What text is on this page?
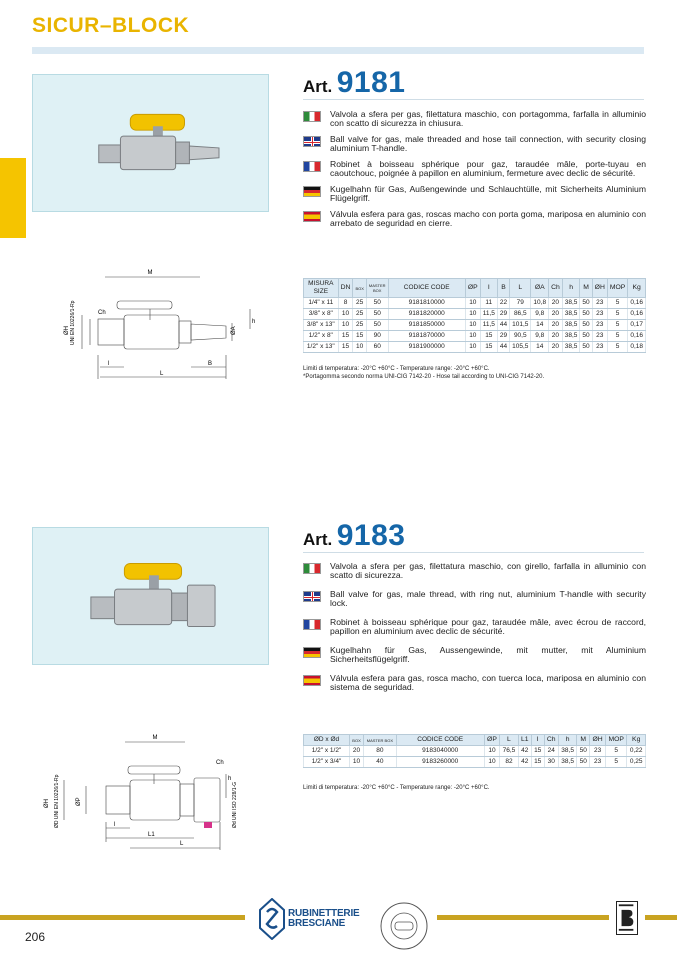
SICUR–BLOCK
Art. 9181
Valvola a sfera per gas, filettatura maschio, con portagomma, farfalla in alluminio con scatto di sicurezza in chiusura.
Ball valve for gas, male threaded and hose tail connection, with security closing aluminium T-handle.
Robinet à boisseau sphérique pour gaz, taraudée mâle, porte-tuyau en caoutchouc, poignée à papillon en aluminium, fermeture avec declic de sécurité.
Kugelhahn für Gas, Außengewinde und Schlauchtülle, mit Sicherheits Aluminium Flügelgriff.
Válvula esfera para gas, roscas macho con porta goma, mariposa en aluminio con arrebato de seguridad en cierre.
M
Ch
h
ØH UNI EN 10226/1-Rp	ØA
l	B
L
MISURA SIZE	DN	BOX	MASTER BOX	CODICE CODE	ØP	I	B	L	ØA	Ch	h	M	ØH	MOP	Kg
1/4" x 11	8	25	50	9181810000	10	11	22	79	10,8	20	38,5	50	23	5	0,16
3/8" x 8"	10	25	50	9181820000	10	11,5	29	86,5	9,8	20	38,5	50	23	5	0,16
3/8" x 13"	10	25	50	9181850000	10	11,5	44	101,5	14	20	38,5	50	23	5	0,17
1/2" x 8"	15	15	90	9181870000	10	15	29	90,5	9,8	20	38,5	50	23	5	0,16
1/2" x 13"	15	10	60	9181900000	10	15	44	105,5	14	20	38,5	50	23	5	0,18
Limiti di temperatura: -20°C +60°C - Temperature range: -20°C +60°C.
*Portagomma secondo norma UNI-CIG 7142-20 - Hose tail according to UNI-CIG 7142-20.
Art. 9183
Valvola a sfera per gas, filettatura maschio, con girello, farfalla in alluminio con scatto di sicurezza.
Ball valve for gas, male thread, with ring nut, aluminium T-handle with security lock.
Robinet à boisseau sphérique pour gaz, taraudée mâle, avec écrou de raccord, papillon en aluminium avec declic de sécurité.
Kugelhahn für Gas, Aussengewinde, mit mutter, mit Aluminium Sicherheitsflügelgriff.
Válvula esfera para gas, rosca macho, con tuerca loca, mariposa en aluminio con sistema de seguridad.
M
Ch
h
ØH ØD UNI EN 10226/1-Rp	ØP	Ød UNI ISO 228/1-G
l
L1
L
ØD x Ød	BOX	MASTER BOX	CODICE CODE	ØP	L	L1	I	Ch	h	M	ØH	MOP	Kg
1/2" x 1/2"	20	80	9183040000	10	76,5	42	15	24	38,5	50	23	5	0,22
1/2" x 3/4"	10	40	9183260000	10	82	42	15	30	38,5	50	23	5	0,25
Limiti di temperatura: -20°C +60°C - Temperature range: -20°C +60°C.
RUBINETTERIE
BRESCIANE
206
